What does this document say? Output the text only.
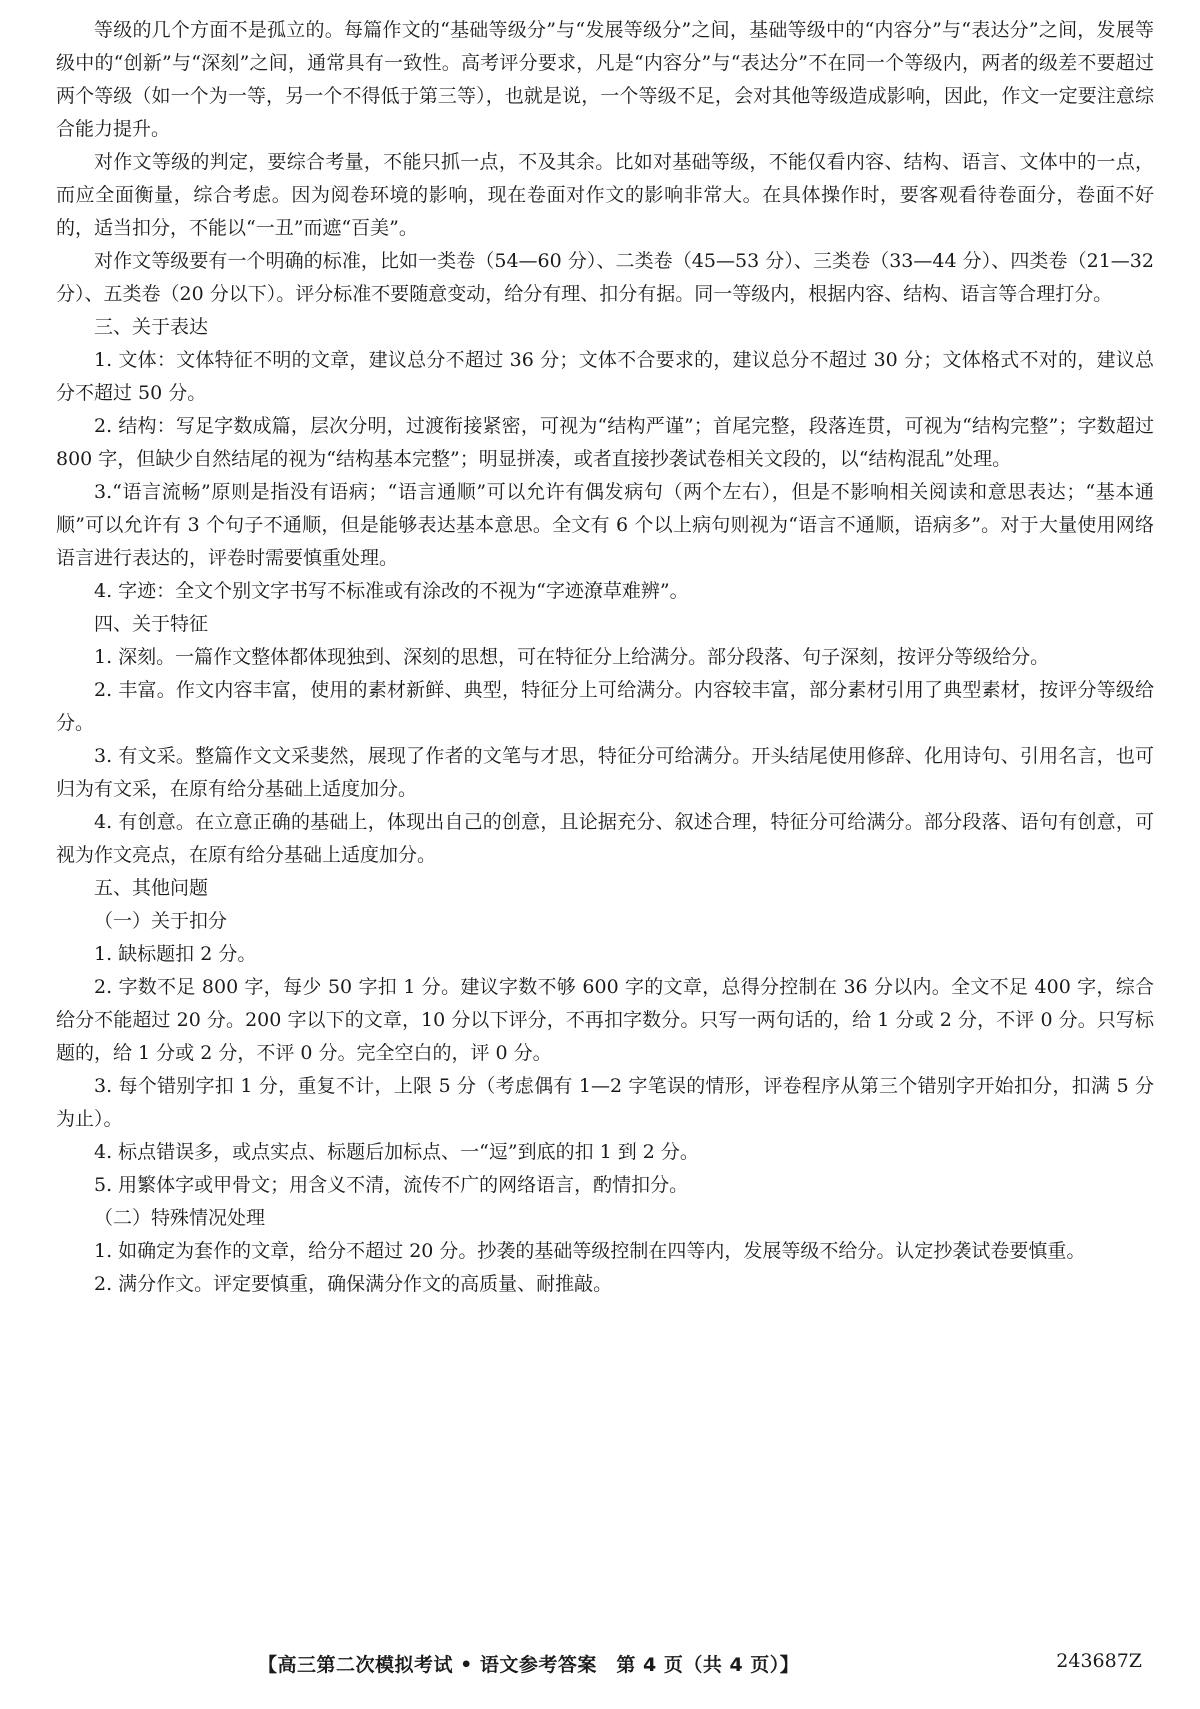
等级的几个方面不是孤立的。每篇作文的“基础等级分”与“发展等级分”之间，基础等级中的“内容分”与“表达分”之间，发展等级中的“创新”与“深刻”之间，通常具有一致性。高考评分要求，凡是“内容分”与“表达分”不在同一个等级内，两者的级差不要超过两个等级（如一个为一等，另一个不得低于第三等），也就是说，一个等级不足，会对其他等级造成影响，因此，作文一定要注意综合能力提升。

对作文等级的判定，要综合考量，不能只抓一点，不及其余。比如对基础等级，不能仅看内容、结构、语言、文体中的一点，而应全面衡量，综合考虑。因为阅卷环境的影响，现在卷面对作文的影响非常大。在具体操作时，要客观看待卷面分，卷面不好的，适当扣分，不能以“一丑”而遮“百美”。

对作文等级要有一个明确的标准，比如一类卷（54—60 分）、二类卷（45—53 分）、三类卷（33—44 分）、四类卷（21—32 分）、五类卷（20 分以下）。评分标准不要随意变动，给分有理、扣分有据。同一等级内，根据内容、结构、语言等合理打分。

三、关于表达

1. 文体：文体特征不明的文章，建议总分不超过 36 分；文体不合要求的，建议总分不超过 30 分；文体格式不对的，建议总分不超过 50 分。

2. 结构：写足字数成篇，层次分明，过渡衔接紧密，可视为“结构严谨”；首尾完整，段落连贯，可视为“结构完整”；字数超过 800 字，但缺少自然结尾的视为“结构基本完整”；明显拼凑，或者直接抄袭试卷相关文段的，以“结构混乱”处理。

3.“语言流畅”原则是指没有语病；“语言通顺”可以允许有偶发病句（两个左右），但是不影响相关阅读和意思表达；“基本通顺”可以允许有 3 个句子不通顺，但是能够表达基本意思。全文有 6 个以上病句则视为“语言不通顺，语病多”。对于大量使用网络语言进行表达的，评卷时需要慎重处理。

4. 字迹：全文个别文字书写不标准或有涂改的不视为“字迹潦草难辨”。

四、关于特征

1. 深刻。一篇作文整体都体现独到、深刻的思想，可在特征分上给满分。部分段落、句子深刻，按评分等级给分。

2. 丰富。作文内容丰富，使用的素材新鲜、典型，特征分上可给满分。内容较丰富，部分素材引用了典型素材，按评分等级给分。

3. 有文采。整篇作文文采斐然，展现了作者的文笔与才思，特征分可给满分。开头结尾使用修辞、化用诗句、引用名言，也可归为有文采，在原有给分基础上适度加分。

4. 有创意。在立意正确的基础上，体现出自己的创意，且论据充分、叙述合理，特征分可给满分。部分段落、语句有创意，可视为作文亮点，在原有给分基础上适度加分。

五、其他问题

（一）关于扣分

1. 缺标题扣 2 分。

2. 字数不足 800 字，每少 50 字扣 1 分。建议字数不够 600 字的文章，总得分控制在 36 分以内。全文不足 400 字，综合给分不能超过 20 分。200 字以下的文章，10 分以下评分，不再扣字数分。只写一两句话的，给 1 分或 2 分，不评 0 分。只写标题的，给 1 分或 2 分，不评 0 分。完全空白的，评 0 分。

3. 每个错别字扣 1 分，重复不计，上限 5 分（考虑偶有 1—2 字笔误的情形，评卷程序从第三个错别字开始扣分，扣满 5 分为止）。

4. 标点错误多，或点实点、标题后加标点、一“逗”到底的扣 1 到 2 分。

5. 用繁体字或甲骨文；用含义不清，流传不广的网络语言，酌情扣分。

（二）特殊情况处理

1. 如确定为套作的文章，给分不超过 20 分。抄袭的基础等级控制在四等内，发展等级不给分。认定抄袭试卷要慎重。

2. 满分作文。评定要慎重，确保满分作文的高质量、耐推敲。

【高三第二次模拟考试 • 语文参考答案　第 4 页（共 4 页）】	243687Z
